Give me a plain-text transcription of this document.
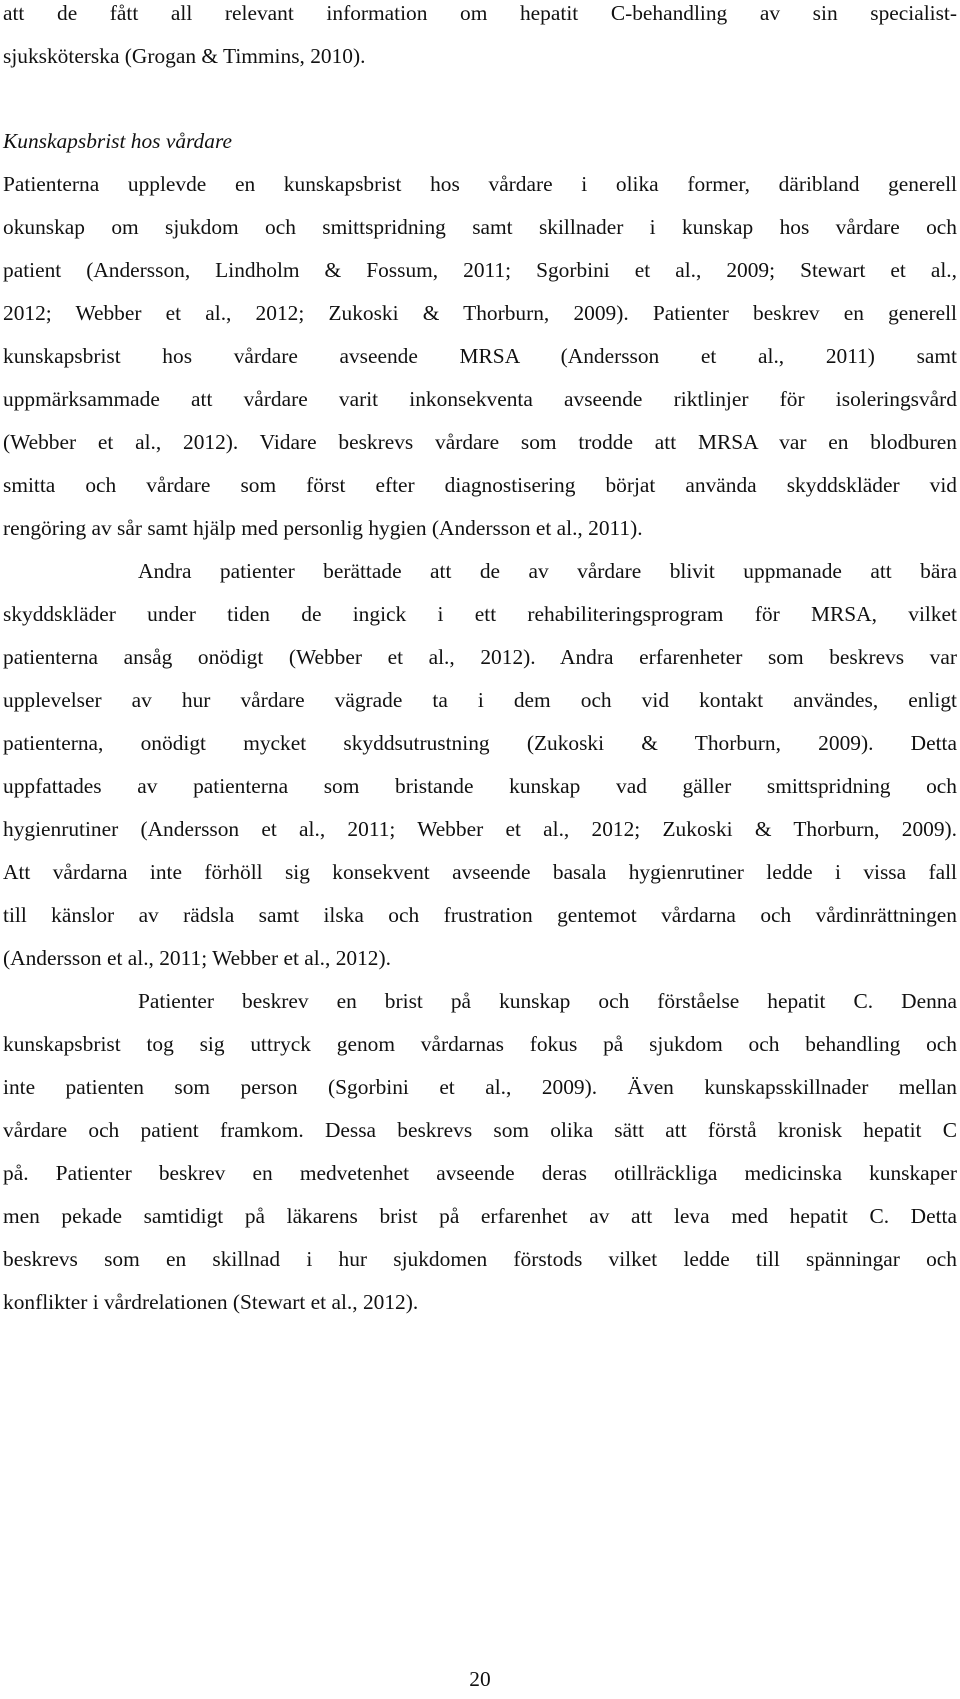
att de fått all relevant information om hepatit C-behandling av sin specialist-
sjuksköterska (Grogan & Timmins, 2010).
Kunskapsbrist hos vårdare
Patienterna upplevde en kunskapsbrist hos vårdare i olika former, däribland generell
okunskap om sjukdom och smittspridning samt skillnader i kunskap hos vårdare och
patient (Andersson, Lindholm & Fossum, 2011; Sgorbini et al., 2009; Stewart et al.,
2012; Webber et al., 2012; Zukoski & Thorburn, 2009). Patienter beskrev en generell
kunskapsbrist hos vårdare avseende MRSA (Andersson et al., 2011) samt
uppmärksammade att vårdare varit inkonsekventa avseende riktlinjer för isoleringsvård
(Webber et al., 2012). Vidare beskrevs vårdare som trodde att MRSA var en blodburen
smitta och vårdare som först efter diagnostisering börjat använda skyddskläder vid
rengöring av sår samt hjälp med personlig hygien (Andersson et al., 2011).
Andra patienter berättade att de av vårdare blivit uppmanade att bära
skyddskläder under tiden de ingick i ett rehabiliteringsprogram för MRSA, vilket
patienterna ansåg onödigt (Webber et al., 2012). Andra erfarenheter som beskrevs var
upplevelser av hur vårdare vägrade ta i dem och vid kontakt användes, enligt
patienterna, onödigt mycket skyddsutrustning (Zukoski & Thorburn, 2009). Detta
uppfattades av patienterna som bristande kunskap vad gäller smittspridning och
hygienrutiner (Andersson et al., 2011; Webber et al., 2012; Zukoski & Thorburn, 2009).
Att vårdarna inte förhöll sig konsekvent avseende basala hygienrutiner ledde i vissa fall
till känslor av rädsla samt ilska och frustration gentemot vårdarna och vårdinrättningen
(Andersson et al., 2011; Webber et al., 2012).
Patienter beskrev en brist på kunskap och förståelse hepatit C. Denna
kunskapsbrist tog sig uttryck genom vårdarnas fokus på sjukdom och behandling och
inte patienten som person (Sgorbini et al., 2009). Även kunskapsskillnader mellan
vårdare och patient framkom. Dessa beskrevs som olika sätt att förstå kronisk hepatit C
på. Patienter beskrev en medvetenhet avseende deras otillräckliga medicinska kunskaper
men pekade samtidigt på läkarens brist på erfarenhet av att leva med hepatit C. Detta
beskrevs som en skillnad i hur sjukdomen förstods vilket ledde till spänningar och
konflikter i vårdrelationen (Stewart et al., 2012).
20
